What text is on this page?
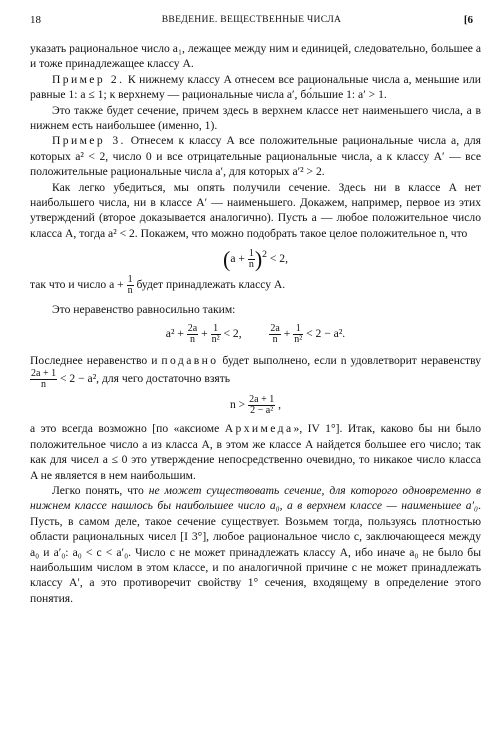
18	ВВЕДЕНИЕ. ВЕЩЕСТВЕННЫЕ ЧИСЛА	[6

указать рациональное число a₁, лежащее между ним и единицей, следовательно, большее a и тоже принадлежащее классу A.

Пример 2. К нижнему классу A отнесем все рациональные числа a, меньшие или равные 1: a ≤ 1; к верхнему — рациональные числа a′, бо́льшие 1: a′ > 1.

Это также будет сечение, причем здесь в верхнем классе нет наименьшего числа, а в нижнем есть наибольшее (именно, 1).

Пример 3. Отнесем к классу A все положительные рациональные числа a, для которых a² < 2, число 0 и все отрицательные рациональные числа, а к классу A′ — все положительные рациональные числа a′, для которых a′² > 2.

Как легко убедиться, мы опять получили сечение. Здесь ни в классе A нет наибольшего числа, ни в классе A′ — наименьшего. Докажем, например, первое из этих утверждений (второе доказывается аналогично). Пусть a — любое положительное число класса A, тогда a² < 2. Покажем, что можно подобрать такое целое положительное n, что

$(a + \frac{1}{n} )^2 < 2$,

так что и число $a + \frac{1}{n}$ будет принадлежать классу A.

Это неравенство равносильно таким:

$a^2 + \frac{2a}{n} + \frac{1}{\text{n²}} < 2$,	$\frac{2a}{n} + \frac{1}{\text{n²}} < 2 - a^2$.

Последнее неравенство и подавно будет выполнено, если n удовлетворит неравенству
$\frac{2a + 1}{n} < 2 - a^2$, для чего достаточно взять

$n > \frac{2a + 1}{\text{2 − a²}}$ ,

а это всегда возможно [по «аксиоме Архимеда», IV 1°]. Итак, каково бы ни было положительное число a из класса A, в этом же классе A найдется большее его число; так как для чисел a ≤ 0 это утверждение непосредственно очевидно, то никакое число класса A не является в нем наибольшим.

Легко понять, что не может существовать сечение, для которого одновременно в нижнем классе нашлось бы наибольшее число a₀, а в верхнем классе — наименьшее a′₀. Пусть, в самом деле, такое сечение существует. Возьмем тогда, пользуясь плотностью области рациональных чисел [I 3°], любое рациональное число c, заключающееся между a₀ и a′₀: a₀ < c < a′₀. Число c не может принадлежать классу A, ибо иначе a₀ не было бы наибольшим числом в этом классе, и по аналогичной причине c не может принадлежать классу A′, а это противоречит свойству 1° сечения, входящему в определение этого понятия.
